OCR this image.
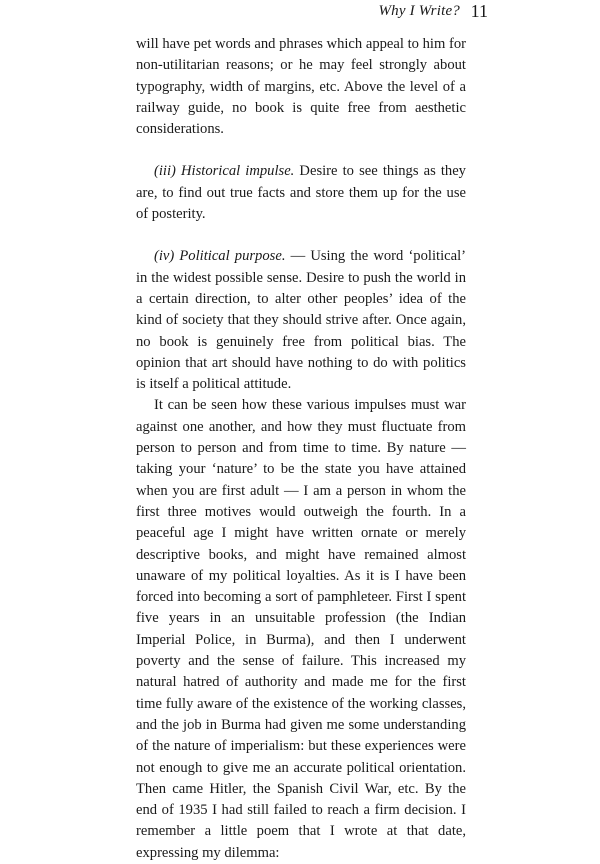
Why I Write? 11

will have pet words and phrases which appeal to him for non-utilitarian reasons; or he may feel strongly about typography, width of margins, etc. Above the level of a railway guide, no book is quite free from aesthetic considerations.

(iii) Historical impulse. Desire to see things as they are, to find out true facts and store them up for the use of posterity.

(iv) Political purpose. — Using the word ‘political’ in the widest possible sense. Desire to push the world in a certain direction, to alter other peoples’ idea of the kind of society that they should strive after. Once again, no book is genuinely free from political bias. The opinion that art should have nothing to do with politics is itself a political attitude.

It can be seen how these various impulses must war against one another, and how they must fluctuate from person to person and from time to time. By nature — taking your ‘nature’ to be the state you have attained when you are first adult — I am a person in whom the first three motives would outweigh the fourth. In a peaceful age I might have written ornate or merely descriptive books, and might have remained almost unaware of my political loyalties. As it is I have been forced into becoming a sort of pamphleteer. First I spent five years in an unsuitable profession (the Indian Imperial Police, in Burma), and then I underwent poverty and the sense of failure. This increased my natural hatred of authority and made me for the first time fully aware of the existence of the working classes, and the job in Burma had given me some understanding of the nature of imperialism: but these experiences were not enough to give me an accurate political orientation. Then came Hitler, the Spanish Civil War, etc. By the end of 1935 I had still failed to reach a firm decision. I remember a little poem that I wrote at that date, expressing my dilemma:
